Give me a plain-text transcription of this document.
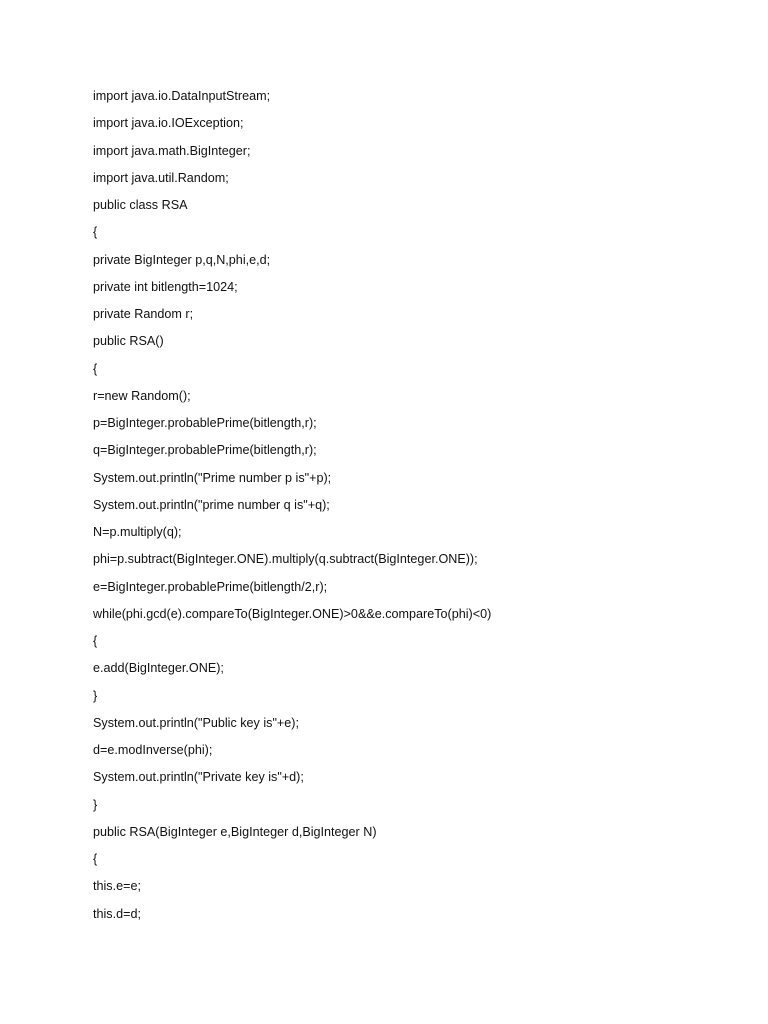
import java.io.DataInputStream;
import java.io.IOException;
import java.math.BigInteger;
import java.util.Random;
public class RSA
{
private BigInteger p,q,N,phi,e,d;
private int bitlength=1024;
private Random r;
public RSA()
{
r=new Random();
p=BigInteger.probablePrime(bitlength,r);
q=BigInteger.probablePrime(bitlength,r);
System.out.println("Prime number p is"+p);
System.out.println("prime number q is"+q);
N=p.multiply(q);
phi=p.subtract(BigInteger.ONE).multiply(q.subtract(BigInteger.ONE));
e=BigInteger.probablePrime(bitlength/2,r);
while(phi.gcd(e).compareTo(BigInteger.ONE)>0&&e.compareTo(phi)<0)
{
e.add(BigInteger.ONE);
}
System.out.println("Public key is"+e);
d=e.modInverse(phi);
System.out.println("Private key is"+d);
}
public RSA(BigInteger e,BigInteger d,BigInteger N)
{
this.e=e;
this.d=d;
